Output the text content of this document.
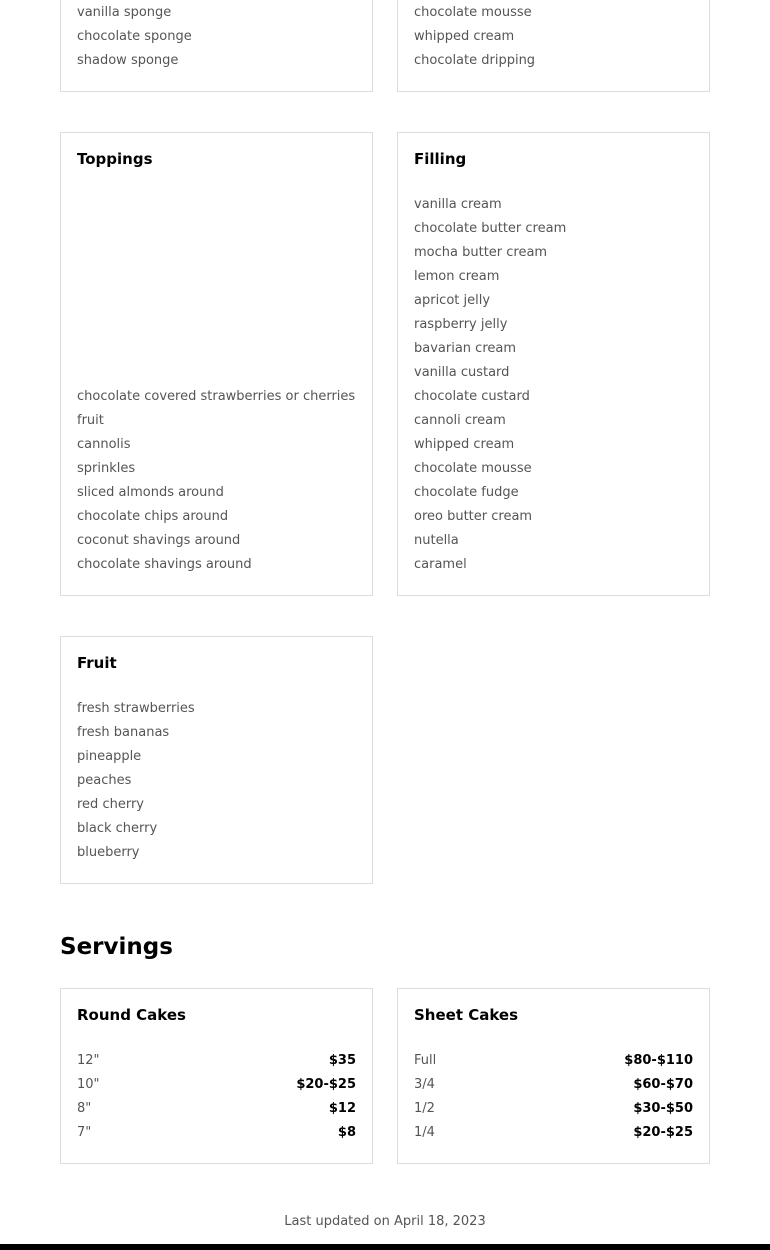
vanilla sponge
chocolate sponge
shadow sponge
chocolate mousse
whipped cream
chocolate dripping
Toppings
chocolate covered strawberries or cherries
fruit
cannolis
sprinkles
sliced almonds around
chocolate chips around
coconut shavings around
chocolate shavings around
Filling
vanilla cream
chocolate butter cream
mocha butter cream
lemon cream
apricot jelly
raspberry jelly
bavarian cream
vanilla custard
chocolate custard
cannoli cream
whipped cream
chocolate mousse
chocolate fudge
oreo butter cream
nutella
caramel
Fruit
fresh strawberries
fresh bananas
pineapple
peaches
red cherry
black cherry
blueberry
Servings
Round Cakes
12"	$35
10"	$20-$25
8"	$12
7"	$8
Sheet Cakes
Full	$80-$110
3/4	$60-$70
1/2	$30-$50
1/4	$20-$25
Last updated on April 18, 2023
